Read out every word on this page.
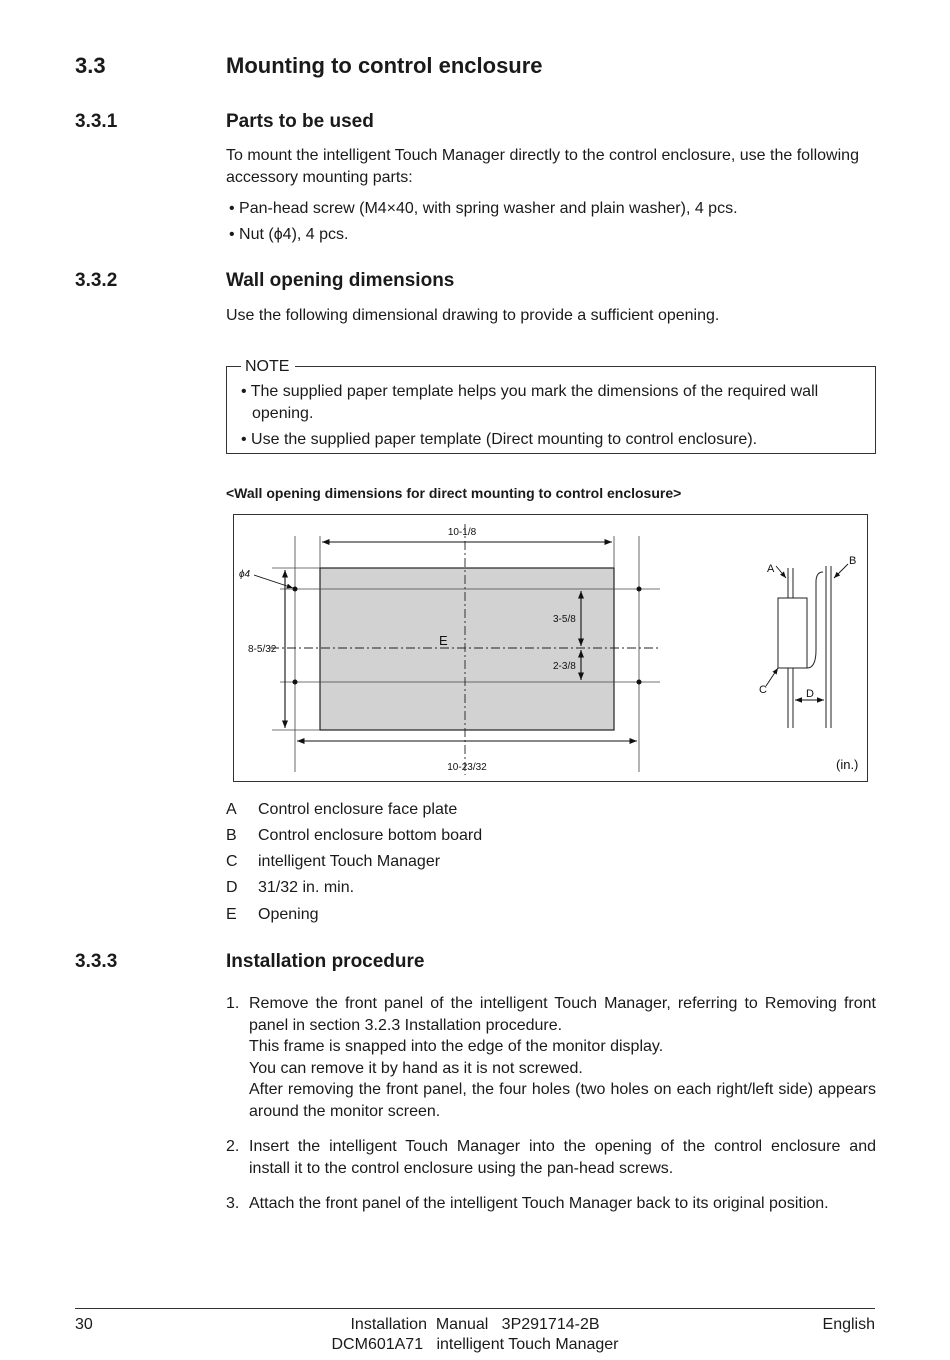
3.3	Mounting to control enclosure
3.3.1	Parts to be used
To mount the intelligent Touch Manager directly to the control enclosure, use the following
accessory mounting parts:
• Pan-head screw (M4×40, with spring washer and plain washer), 4 pcs.
• Nut (ϕ4), 4 pcs.
3.3.2	Wall opening dimensions
Use the following dimensional drawing to provide a sufficient opening.
NOTE
• The supplied paper template helps you mark the dimensions of the required wall
opening.
• Use the supplied paper template (Direct mounting to control enclosure).
<Wall opening dimensions for direct mounting to control enclosure>
10-1/8
10-23/32
8-5/32
3-5/8
2-3/8
ϕ4
E
A
B
C	D
(in.)
A Control enclosure face plate
B Control enclosure bottom board
C intelligent Touch Manager
D 31/32 in. min.
E Opening
3.3.3	Installation procedure
1. Remove the front panel of the intelligent Touch Manager, referring to Removing front
panel in section 3.2.3 Installation procedure.
This frame is snapped into the edge of the monitor display.
You can remove it by hand as it is not screwed.
After removing the front panel, the four holes (two holes on each right/left side) appears
around the monitor screen.
2. Insert the intelligent Touch Manager into the opening of the control enclosure and
install it to the control enclosure using the pan-head screws.
3. Attach the front panel of the intelligent Touch Manager back to its original position.
30	Installation  Manual   3P291714-2B
DCM601A71   intelligent Touch Manager
English
